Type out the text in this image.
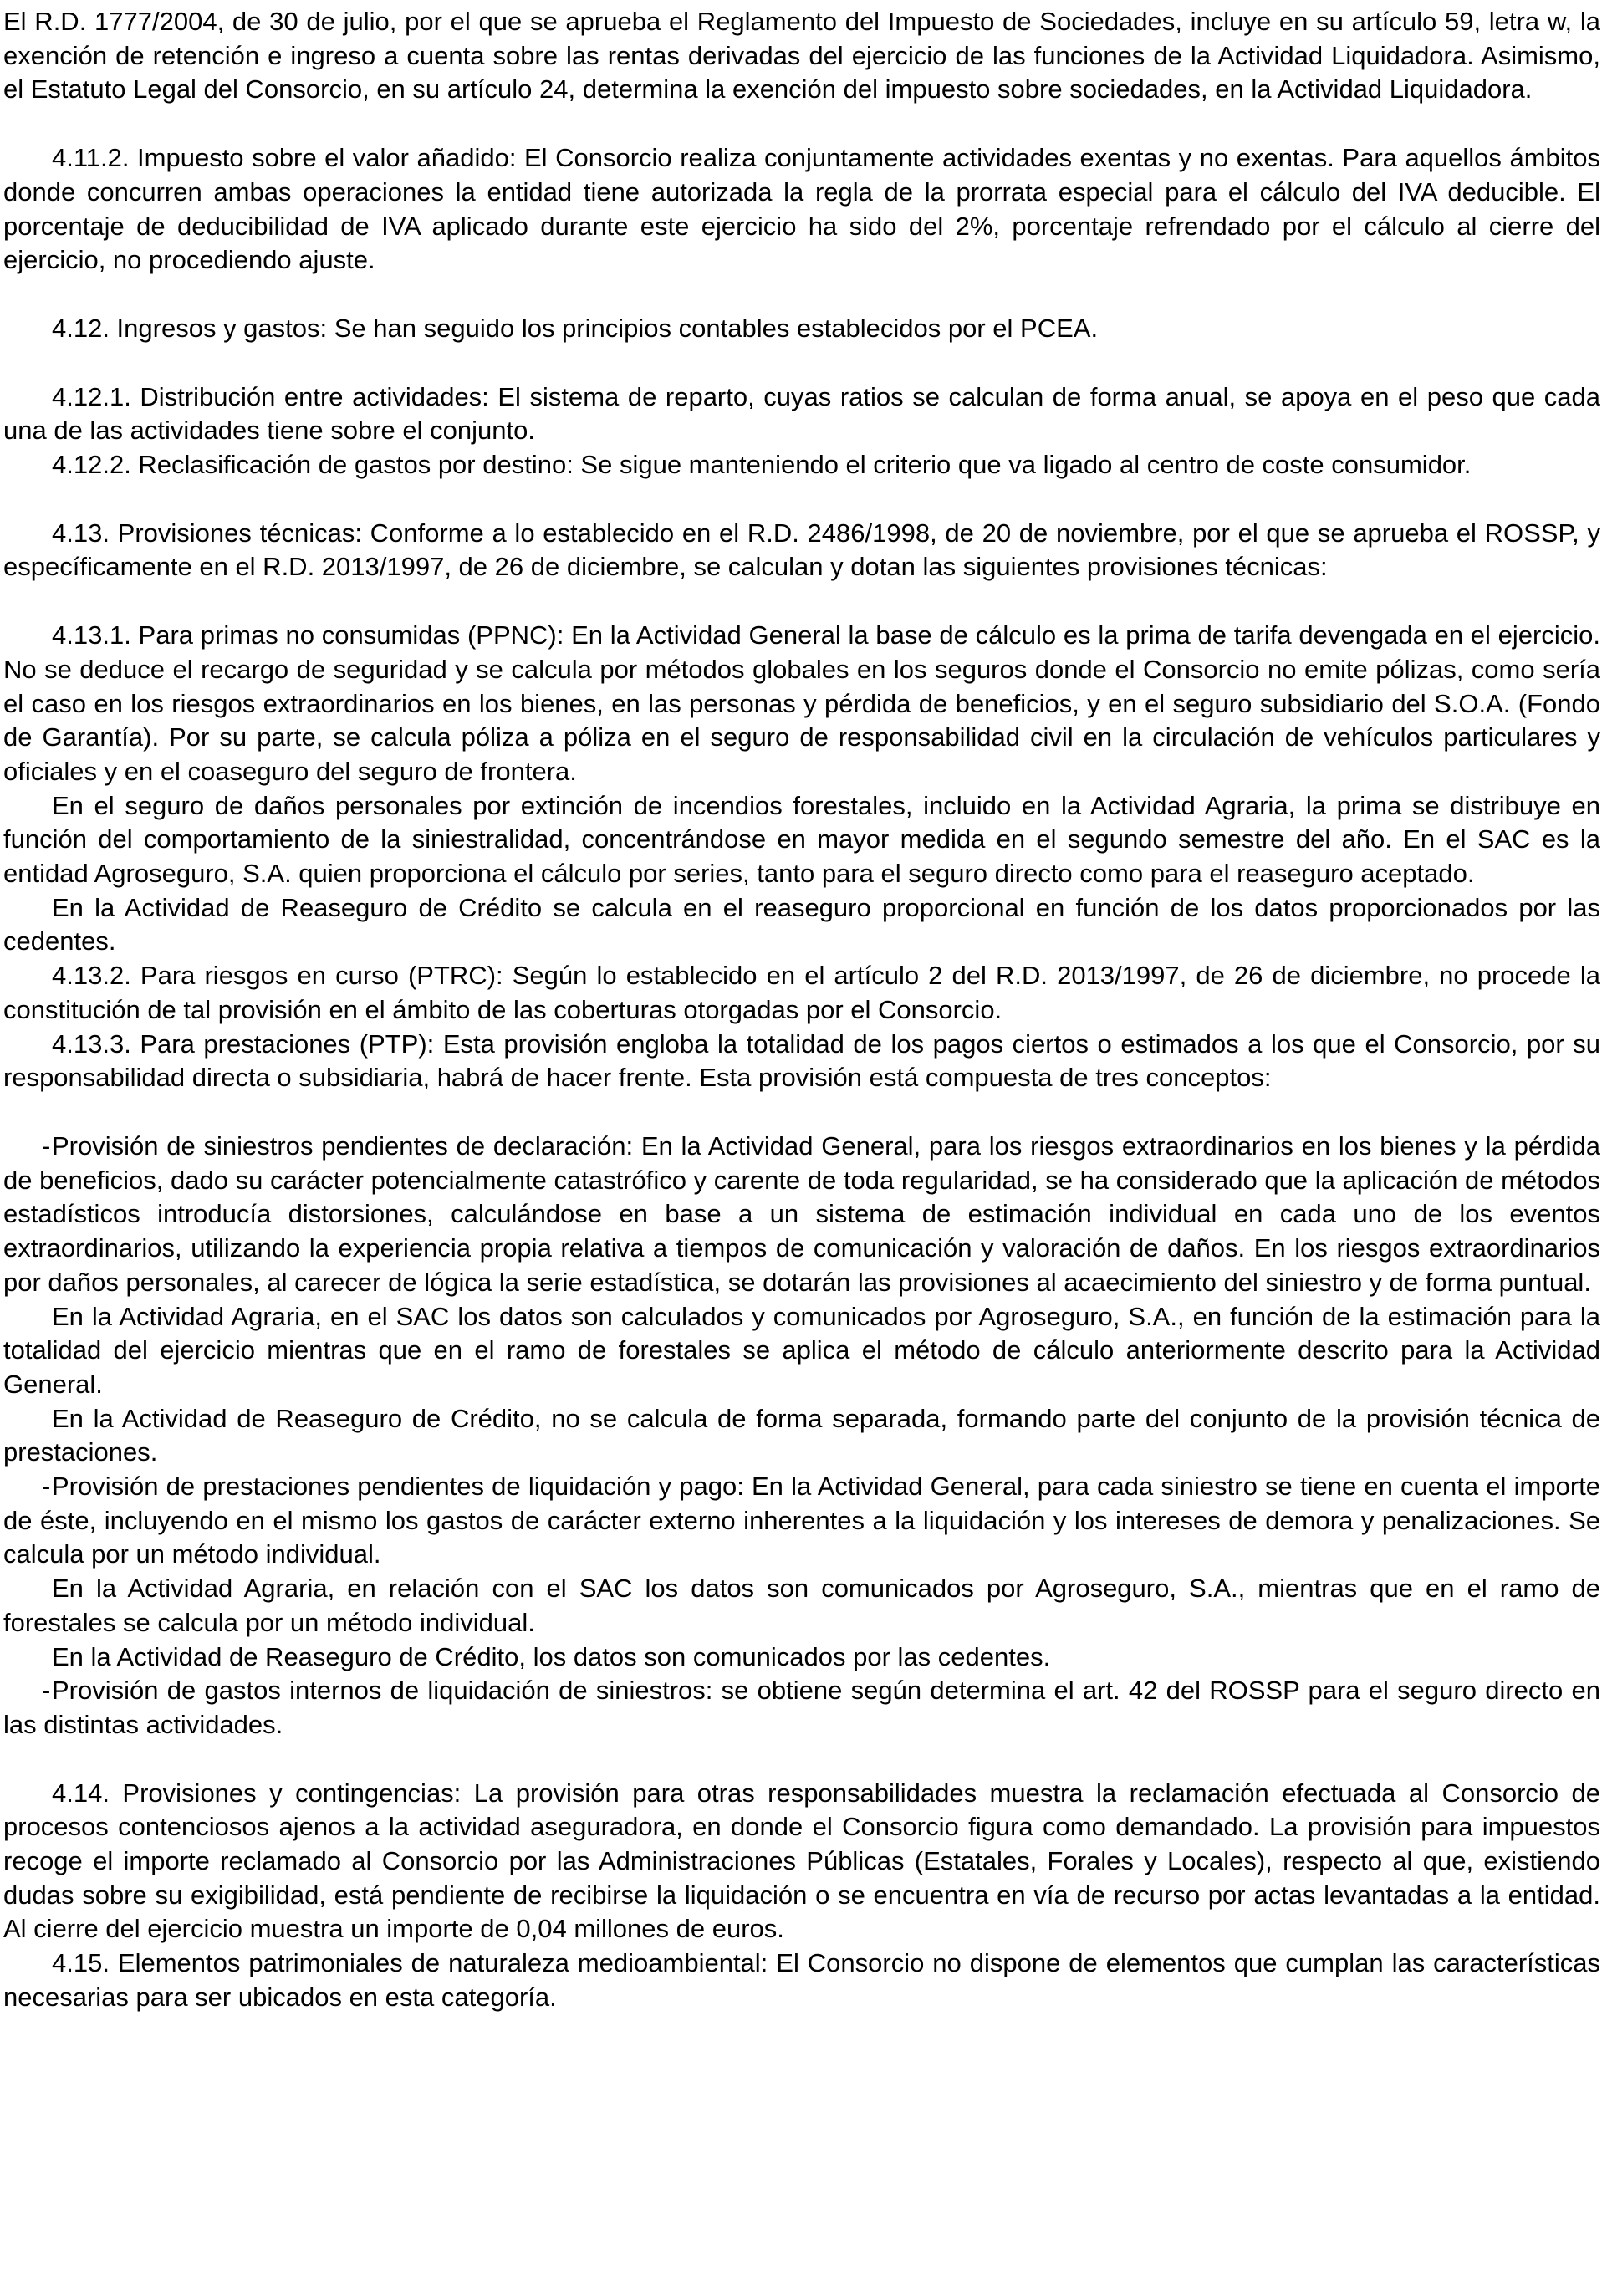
El R.D. 1777/2004, de 30 de julio, por el que se aprueba el Reglamento del Impuesto de Sociedades, incluye en su artículo 59, letra w, la exención de retención e ingreso a cuenta sobre las rentas derivadas del ejercicio de las funciones de la Actividad Liquidadora. Asimismo, el Estatuto Legal del Consorcio, en su artículo 24, determina la exención del impuesto sobre sociedades, en la Actividad Liquidadora.

4.11.2. Impuesto sobre el valor añadido: El Consorcio realiza conjuntamente actividades exentas y no exentas. Para aquellos ámbitos donde concurren ambas operaciones la entidad tiene autorizada la regla de la prorrata especial para el cálculo del IVA deducible. El porcentaje de deducibilidad de IVA aplicado durante este ejercicio ha sido del 2%, porcentaje refrendado por el cálculo al cierre del ejercicio, no procediendo ajuste.

4.12. Ingresos y gastos: Se han seguido los principios contables establecidos por el PCEA.

4.12.1. Distribución entre actividades: El sistema de reparto, cuyas ratios se calculan de forma anual, se apoya en el peso que cada una de las actividades tiene sobre el conjunto.

4.12.2. Reclasificación de gastos por destino: Se sigue manteniendo el criterio que va ligado al centro de coste consumidor.

4.13. Provisiones técnicas: Conforme a lo establecido en el R.D. 2486/1998, de 20 de noviembre, por el que se aprueba el ROSSP, y específicamente en el R.D. 2013/1997, de 26 de diciembre, se calculan y dotan las siguientes provisiones técnicas:

4.13.1. Para primas no consumidas (PPNC): En la Actividad General la base de cálculo es la prima de tarifa devengada en el ejercicio. No se deduce el recargo de seguridad y se calcula por métodos globales en los seguros donde el Consorcio no emite pólizas, como sería el caso en los riesgos extraordinarios en los bienes, en las personas y pérdida de beneficios, y en el seguro subsidiario del S.O.A. (Fondo de Garantía). Por su parte, se calcula póliza a póliza en el seguro de responsabilidad civil en la circulación de vehículos particulares y oficiales y en el coaseguro del seguro de frontera.

En el seguro de daños personales por extinción de incendios forestales, incluido en la Actividad Agraria, la prima se distribuye en función del comportamiento de la siniestralidad, concentrándose en mayor medida en el segundo semestre del año. En el SAC es la entidad Agroseguro, S.A. quien proporciona el cálculo por series, tanto para el seguro directo como para el reaseguro aceptado.

En la Actividad de Reaseguro de Crédito se calcula en el reaseguro proporcional en función de los datos proporcionados por las cedentes.

4.13.2. Para riesgos en curso (PTRC): Según lo establecido en el artículo 2 del R.D. 2013/1997, de 26 de diciembre, no procede la constitución de tal provisión en el ámbito de las coberturas otorgadas por el Consorcio.

4.13.3. Para prestaciones (PTP): Esta provisión engloba la totalidad de los pagos ciertos o estimados a los que el Consorcio, por su responsabilidad directa o subsidiaria, habrá de hacer frente. Esta provisión está compuesta de tres conceptos:

-Provisión de siniestros pendientes de declaración: En la Actividad General, para los riesgos extraordinarios en los bienes y la pérdida de beneficios, dado su carácter potencialmente catastrófico y carente de toda regularidad, se ha considerado que la aplicación de métodos estadísticos introducía distorsiones, calculándose en base a un sistema de estimación individual en cada uno de los eventos extraordinarios, utilizando la experiencia propia relativa a tiempos de comunicación y valoración de daños. En los riesgos extraordinarios por daños personales, al carecer de lógica la serie estadística, se dotarán las provisiones al acaecimiento del siniestro y de forma puntual.

En la Actividad Agraria, en el SAC los datos son calculados y comunicados por Agroseguro, S.A., en función de la estimación para la totalidad del ejercicio mientras que en el ramo de forestales se aplica el método de cálculo anteriormente descrito para la Actividad General.

En la Actividad de Reaseguro de Crédito, no se calcula de forma separada, formando parte del conjunto de la provisión técnica de prestaciones.

-Provisión de prestaciones pendientes de liquidación y pago: En la Actividad General, para cada siniestro se tiene en cuenta el importe de éste, incluyendo en el mismo los gastos de carácter externo inherentes a la liquidación y los intereses de demora y penalizaciones. Se calcula por un método individual.

En la Actividad Agraria, en relación con el SAC los datos son comunicados por Agroseguro, S.A., mientras que en el ramo de forestales se calcula por un método individual.

En la Actividad de Reaseguro de Crédito, los datos son comunicados por las cedentes.

-Provisión de gastos internos de liquidación de siniestros: se obtiene según determina el art. 42 del ROSSP para el seguro directo en las distintas actividades.

4.14. Provisiones y contingencias: La provisión para otras responsabilidades muestra la reclamación efectuada al Consorcio de procesos contenciosos ajenos a la actividad aseguradora, en donde el Consorcio figura como demandado. La provisión para impuestos recoge el importe reclamado al Consorcio por las Administraciones Públicas (Estatales, Forales y Locales), respecto al que, existiendo dudas sobre su exigibilidad, está pendiente de recibirse la liquidación o se encuentra en vía de recurso por actas levantadas a la entidad. Al cierre del ejercicio muestra un importe de 0,04 millones de euros.

4.15. Elementos patrimoniales de naturaleza medioambiental: El Consorcio no dispone de elementos que cumplan las características necesarias para ser ubicados en esta categoría.
